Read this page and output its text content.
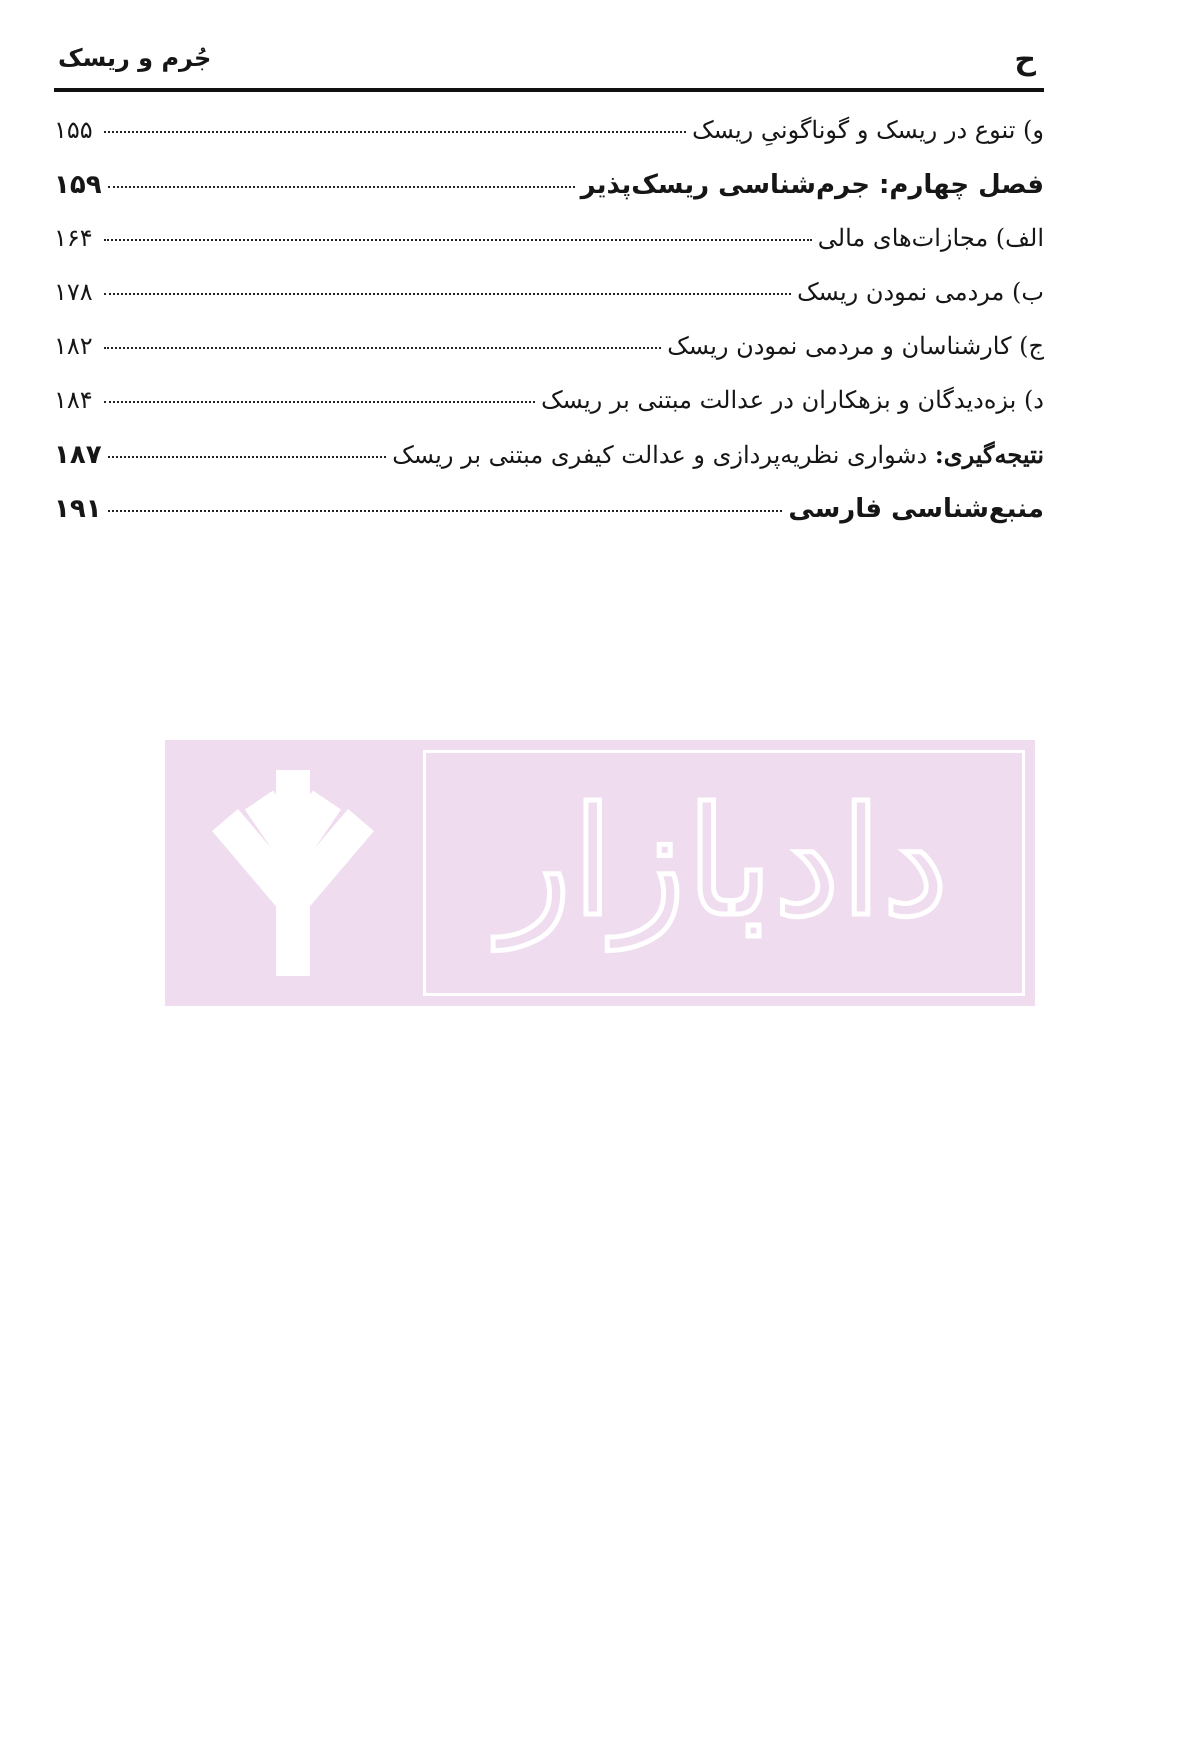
ح
جُرم و ریسک
و) تنوع در ریسک و گوناگونیِ ریسک
۱۵۵
فصل چهارم: جرم‌شناسی ریسک‌پذیر
۱۵۹
الف) مجازات‌های مالی
۱۶۴
ب) مردمی نمودن ریسک
۱۷۸
ج) کارشناسان و مردمی نمودن ریسک
۱۸۲
د) بزه‌دیدگان و بزهکاران در عدالت مبتنی بر ریسک
۱۸۴
نتیجه‌گیری: دشواری نظریه‌پردازی و عدالت کیفری مبتنی بر ریسک
۱۸۷
منبع‌شناسی فارسی
۱۹۱
دادبازار
